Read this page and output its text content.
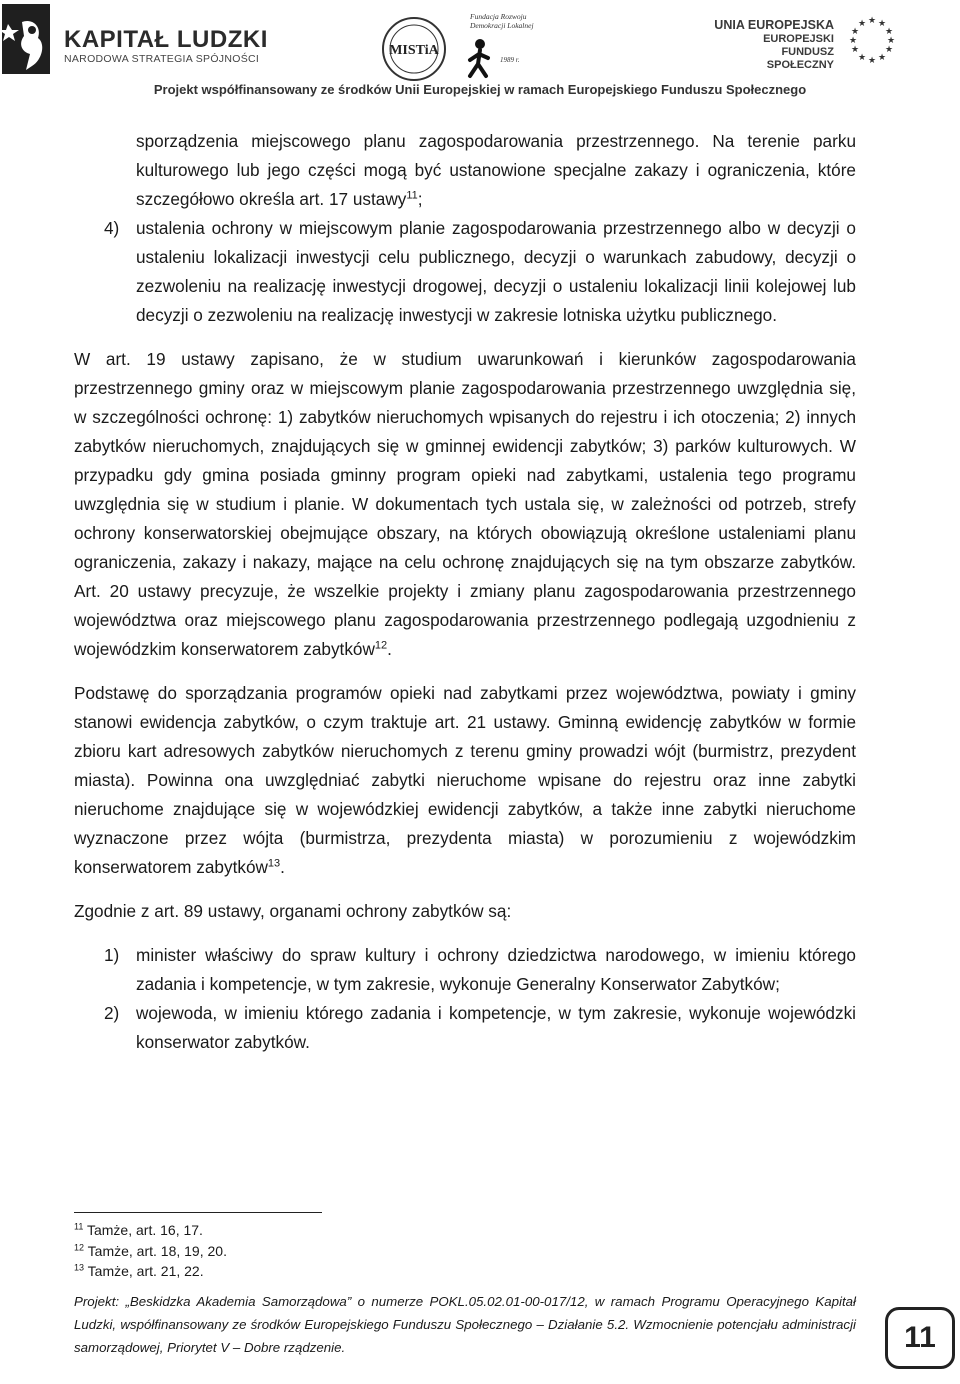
KAPITAŁ LUDZKI
NARODOWA STRATEGIA SPÓJNOŚCI
MISTiA
Fundacja Rozwoju
Demokracji Lokalnej
1989 r.
UNIA EUROPEJSKA
EUROPEJSKI
FUNDUSZ SPOŁECZNY
★ ★
★
★
★
★
★
★
★
★
★
★
Projekt współfinansowany ze środków Unii Europejskiej w ramach Europejskiego Funduszu Społecznego

sporządzenia miejscowego planu zagospodarowania przestrzennego. Na terenie parku kulturowego lub jego części mogą być ustanowione specjalne zakazy i ograniczenia, które szczegółowo określa art. 17 ustawy$^{11}$;

4) ustalenia ochrony w miejscowym planie zagospodarowania przestrzennego albo w decyzji o ustaleniu lokalizacji inwestycji celu publicznego, decyzji o warunkach zabudowy, decyzji o zezwoleniu na realizację inwestycji drogowej, decyzji o ustaleniu lokalizacji linii kolejowej lub decyzji o zezwoleniu na realizację inwestycji w zakresie lotniska użytku publicznego.

W art. 19 ustawy zapisano, że w studium uwarunkowań i kierunków zagospodarowania przestrzennego gminy oraz w miejscowym planie zagospodarowania przestrzennego uwzględnia się, w szczególności ochronę: 1) zabytków nieruchomych wpisanych do rejestru i ich otoczenia; 2) innych zabytków nieruchomych, znajdujących się w gminnej ewidencji zabytków; 3) parków kulturowych. W przypadku gdy gmina posiada gminny program opieki nad zabytkami, ustalenia tego programu uwzględnia się w studium i planie. W dokumentach tych ustala się, w zależności od potrzeb, strefy ochrony konserwatorskiej obejmujące obszary, na których obowiązują określone ustaleniami planu ograniczenia, zakazy i nakazy, mające na celu ochronę znajdujących się na tym obszarze zabytków. Art. 20 ustawy precyzuje, że wszelkie projekty i zmiany planu zagospodarowania przestrzennego województwa oraz miejscowego planu zagospodarowania przestrzennego podlegają uzgodnieniu z wojewódzkim konserwatorem zabytków$^{12}$.

Podstawę do sporządzania programów opieki nad zabytkami przez województwa, powiaty i gminy stanowi ewidencja zabytków, o czym traktuje art. 21 ustawy. Gminną ewidencję zabytków w formie zbioru kart adresowych zabytków nieruchomych z terenu gminy prowadzi wójt (burmistrz, prezydent miasta). Powinna ona uwzględniać zabytki nieruchome wpisane do rejestru oraz inne zabytki nieruchome znajdujące się w wojewódzkiej ewidencji zabytków, a także inne zabytki nieruchome wyznaczone przez wójta (burmistrza, prezydenta miasta) w porozumieniu z wojewódzkim konserwatorem zabytków$^{13}$.

Zgodnie z art. 89 ustawy, organami ochrony zabytków są:

1) minister właściwy do spraw kultury i ochrony dziedzictwa narodowego, w imieniu którego zadania i kompetencje, w tym zakresie, wykonuje Generalny Konserwator Zabytków;
2) wojewoda, w imieniu którego zadania i kompetencje, w tym zakresie, wykonuje wojewódzki konserwator zabytków.
$^{11}$ Tamże, art. 16, 17.
$^{12}$ Tamże, art. 18, 19, 20.
$^{13}$ Tamże, art. 21, 22.
Projekt: „Beskidzka Akademia Samorządowa” o numerze POKL.05.02.01-00-017/12, w ramach Programu Operacyjnego Kapitał Ludzki, współfinansowany ze środków Europejskiego Funduszu Społecznego – Działanie 5.2. Wzmocnienie potencjału administracji samorządowej, Priorytet V – Dobre rządzenie.	11
